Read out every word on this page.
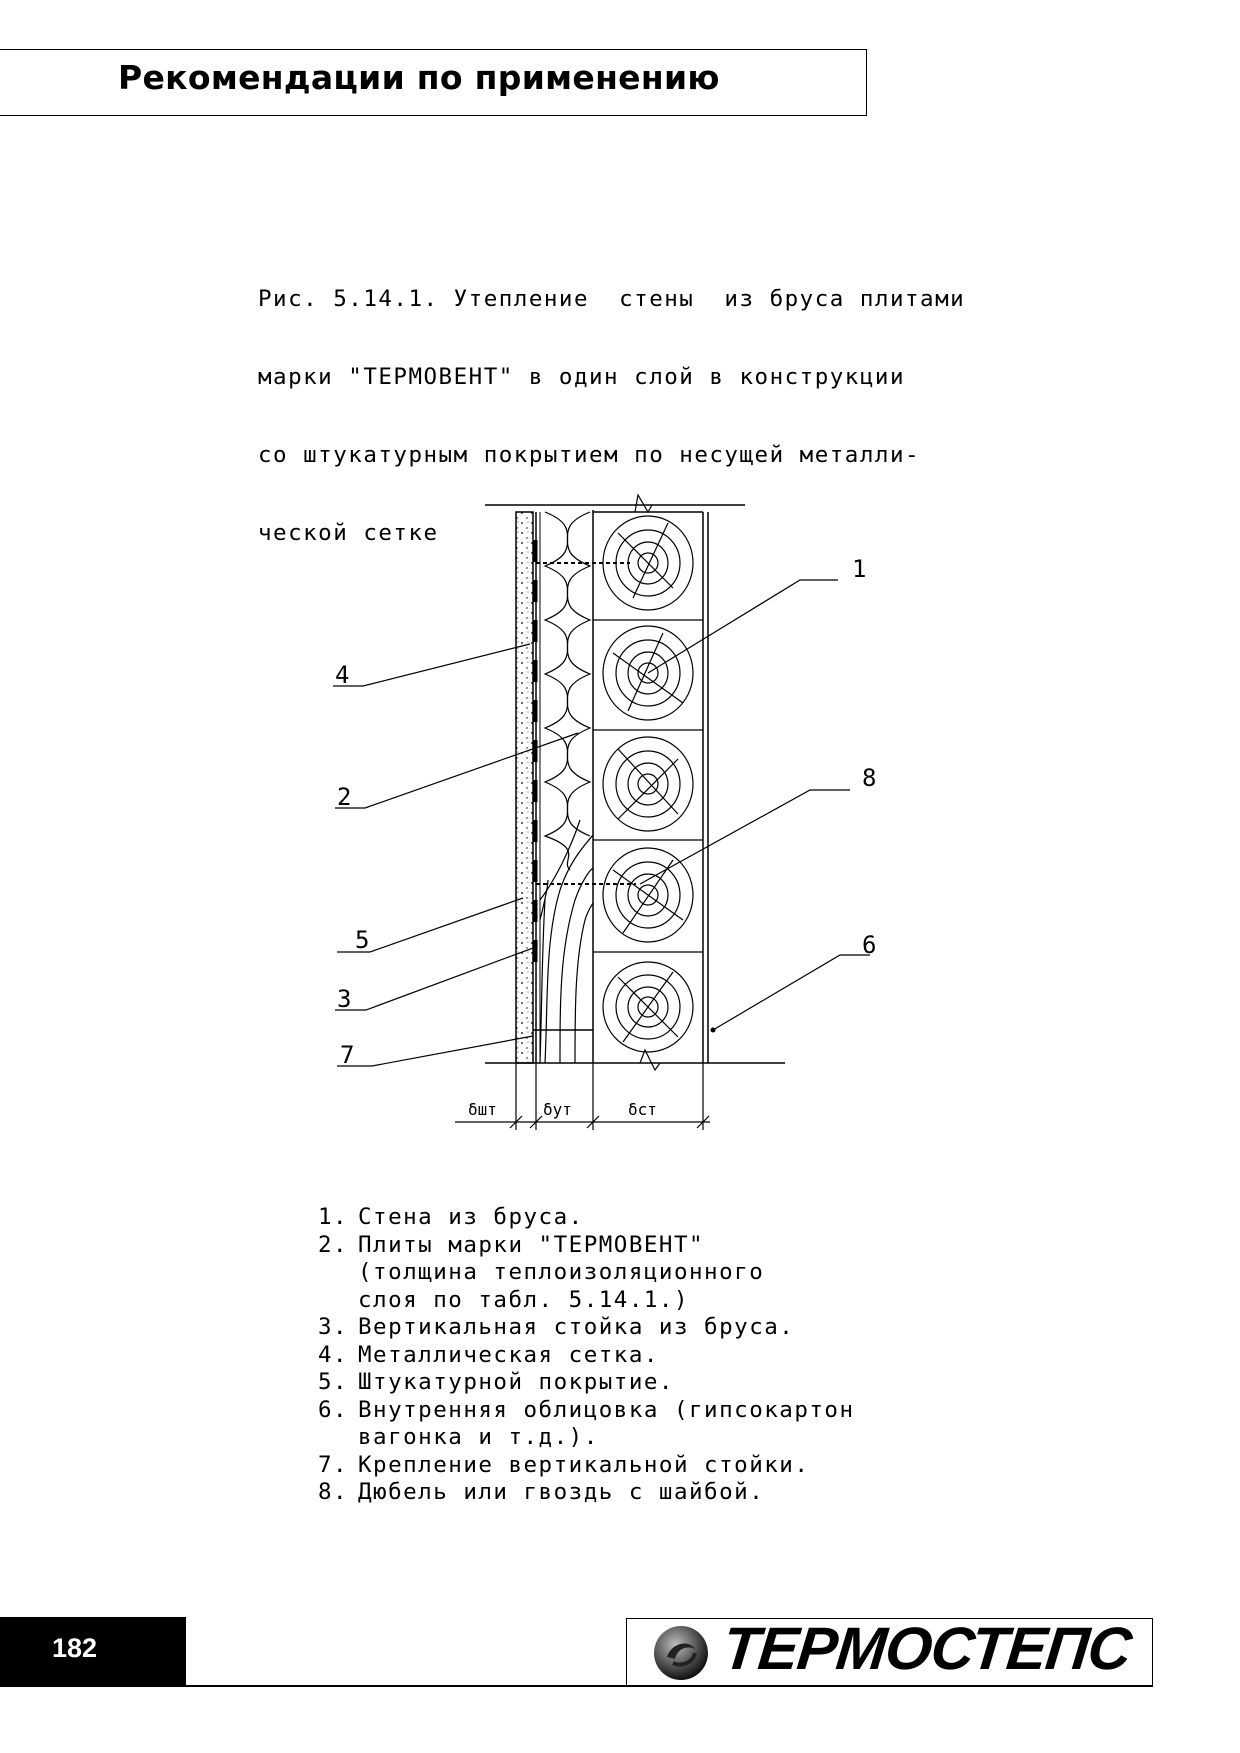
Рекомендации по применению

Рис. 5.14.1. Утепление  стены  из бруса плитами

марки "ТЕРМОВЕНТ" в один слой в конструкции

со штукатурным покрытием по несущей металли-

ческой сетке

1
2
3
4
5	6
7
8
δшт	δут	δст
1. Стена из бруса.
2. Плиты марки "ТЕРМОВЕНТ"
(толщина теплоизоляционного
слоя по табл. 5.14.1.)
3. Вертикальная стойка из бруса.
4. Металлическая сетка.
5. Штукатурной покрытие.
6. Внутренняя облицовка (гипсокартон
вагонка и т.д.).
7. Крепление вертикальной стойки.
8. Дюбель или гвоздь с шайбой.
182	ТЕРМОСТЕПС
